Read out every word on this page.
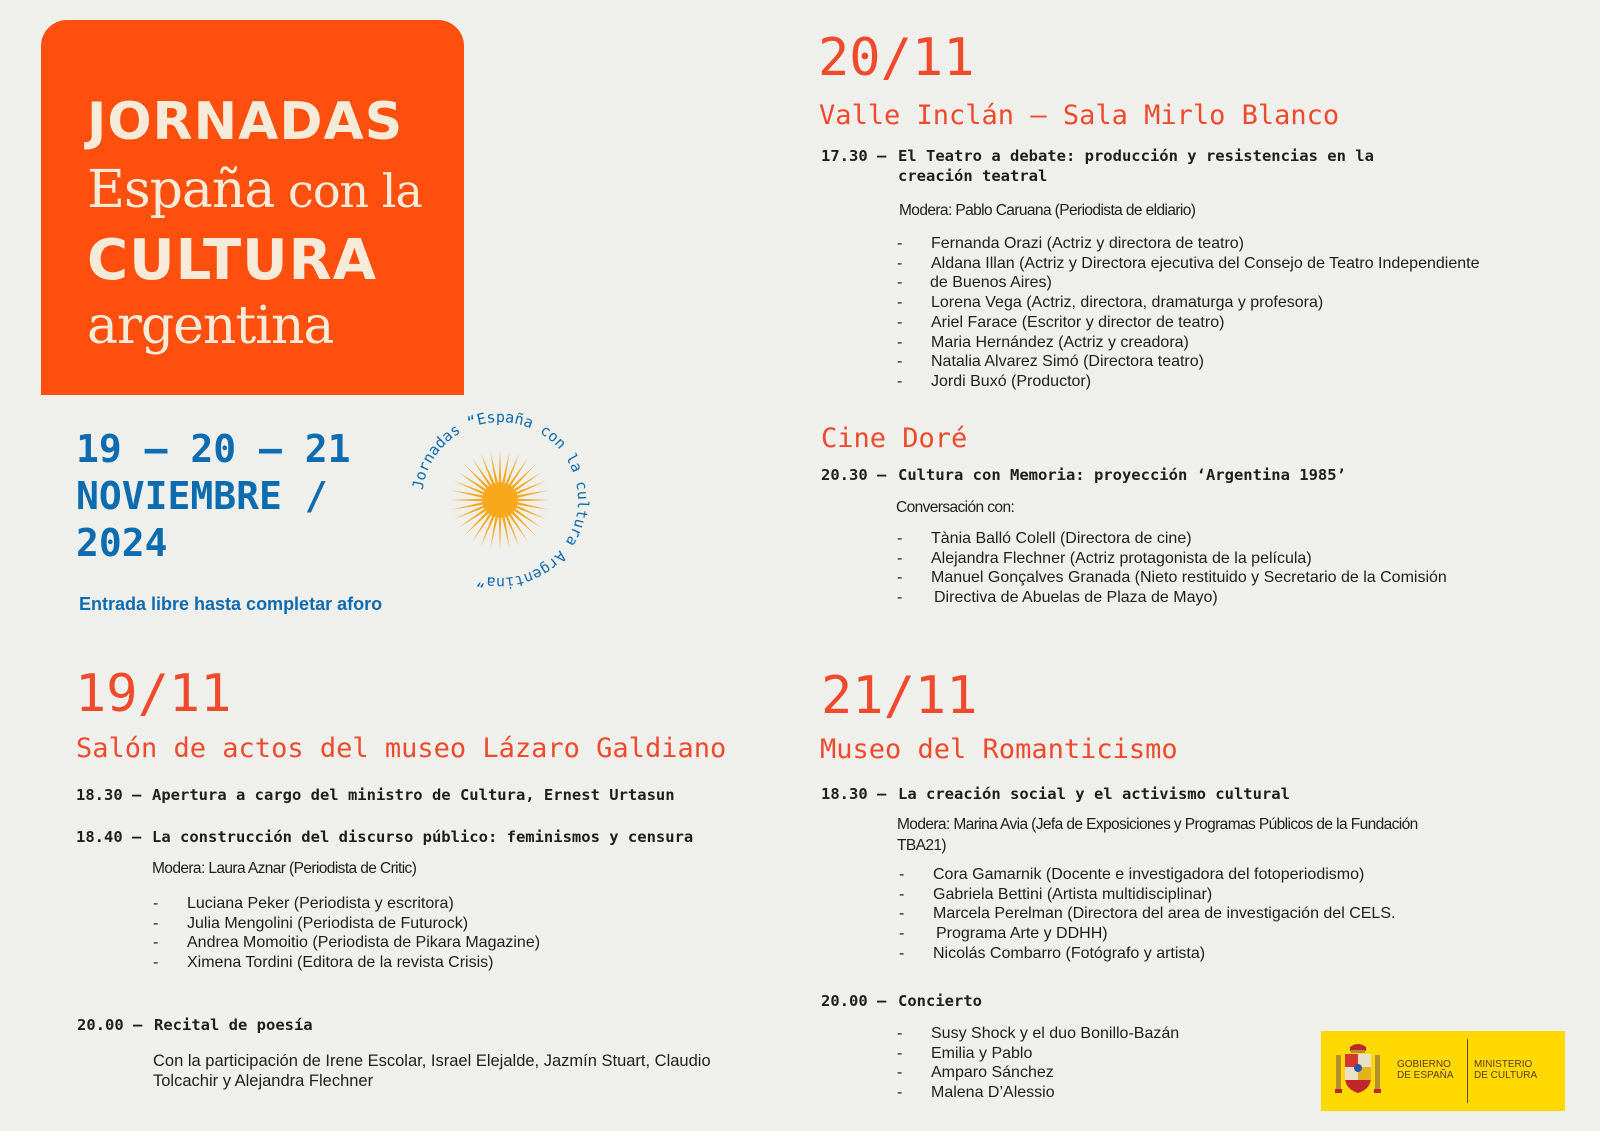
JORNADAS
España con la
CULTURA
argentina
19 – 20 – 21
NOVIEMBRE /
2024
Entrada libre hasta completar aforo
Jornadas “España con la cultura Argentina”
20/11
Valle Inclán – Sala Mirlo Blanco
17.30 – El Teatro a debate: producción y resistencias en la
creación teatral
Modera: Pablo Caruana (Periodista de eldiario)
- Fernanda Orazi (Actriz y directora de teatro)
- Aldana Illan (Actriz y Directora ejecutiva del Consejo de Teatro Independiente
- de Buenos Aires)
- Lorena Vega (Actriz, directora, dramaturga y profesora)
- Ariel Farace (Escritor y director de teatro)
- Maria Hernández (Actriz y creadora)
- Natalia Alvarez Simó (Directora teatro)
- Jordi Buxó (Productor)
Cine Doré
20.30 – Cultura con Memoria: proyección ‘Argentina 1985’
Conversación con:
- Tània Balló Colell (Directora de cine)
- Alejandra Flechner (Actriz protagonista de la película)
- Manuel Gonçalves Granada (Nieto restituido y Secretario de la Comisión
- Directiva de Abuelas de Plaza de Mayo)
19/11
Salón de actos del museo Lázaro Galdiano
18.30 – Apertura a cargo del ministro de Cultura, Ernest Urtasun
18.40 – La construcción del discurso público: feminismos y censura
Modera: Laura Aznar (Periodista de Critic)
- Luciana Peker (Periodista y escritora)
- Julia Mengolini (Periodista de Futurock)
- Andrea Momoitio (Periodista de Pikara Magazine)
- Ximena Tordini (Editora de la revista Crisis)
20.00 – Recital de poesía
Con la participación de Irene Escolar, Israel Elejalde, Jazmín Stuart, Claudio
Tolcachir y Alejandra Flechner
21/11
Museo del Romanticismo
18.30 – La creación social y el activismo cultural
Modera: Marina Avia (Jefa de Exposiciones y Programas Públicos de la Fundación
TBA21)
- Cora Gamarnik (Docente e investigadora del fotoperiodismo)
- Gabriela Bettini (Artista multidisciplinar)
- Marcela Perelman (Directora del area de investigación del CELS.
- Programa Arte y DDHH)
- Nicolás Combarro (Fotógrafo y artista)
20.00 – Concierto
- Susy Shock y el duo Bonillo-Bazán
- Emilia y Pablo
- Amparo Sánchez
- Malena D’Alessio
GOBIERNO
DE ESPAÑA
MINISTERIO
DE CULTURA
